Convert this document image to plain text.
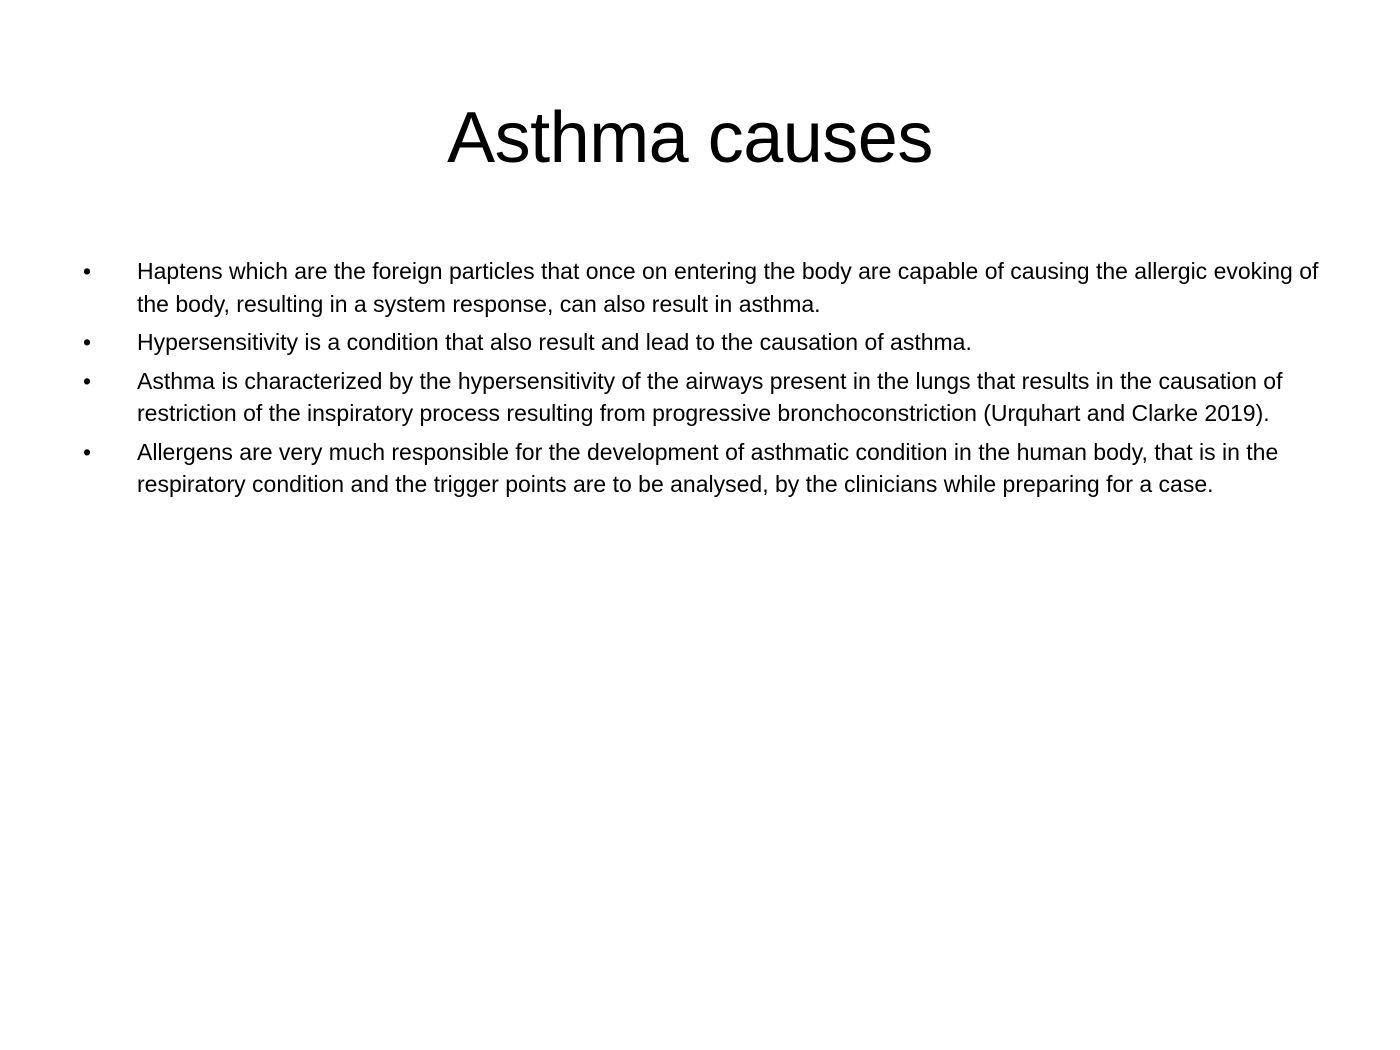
Asthma causes
• Haptens which are the foreign particles that once on entering the body are capable of causing the allergic evoking of the body, resulting in a system response, can also result in asthma.
• Hypersensitivity is a condition that also result and lead to the causation of asthma.
• Asthma is characterized by the hypersensitivity of the airways present in the lungs that results in the causation of restriction of the inspiratory process resulting from progressive bronchoconstriction (Urquhart and Clarke 2019).
• Allergens are very much responsible for the development of asthmatic condition in the human body, that is in the respiratory condition and the trigger points are to be analysed, by the clinicians while preparing for a case.
